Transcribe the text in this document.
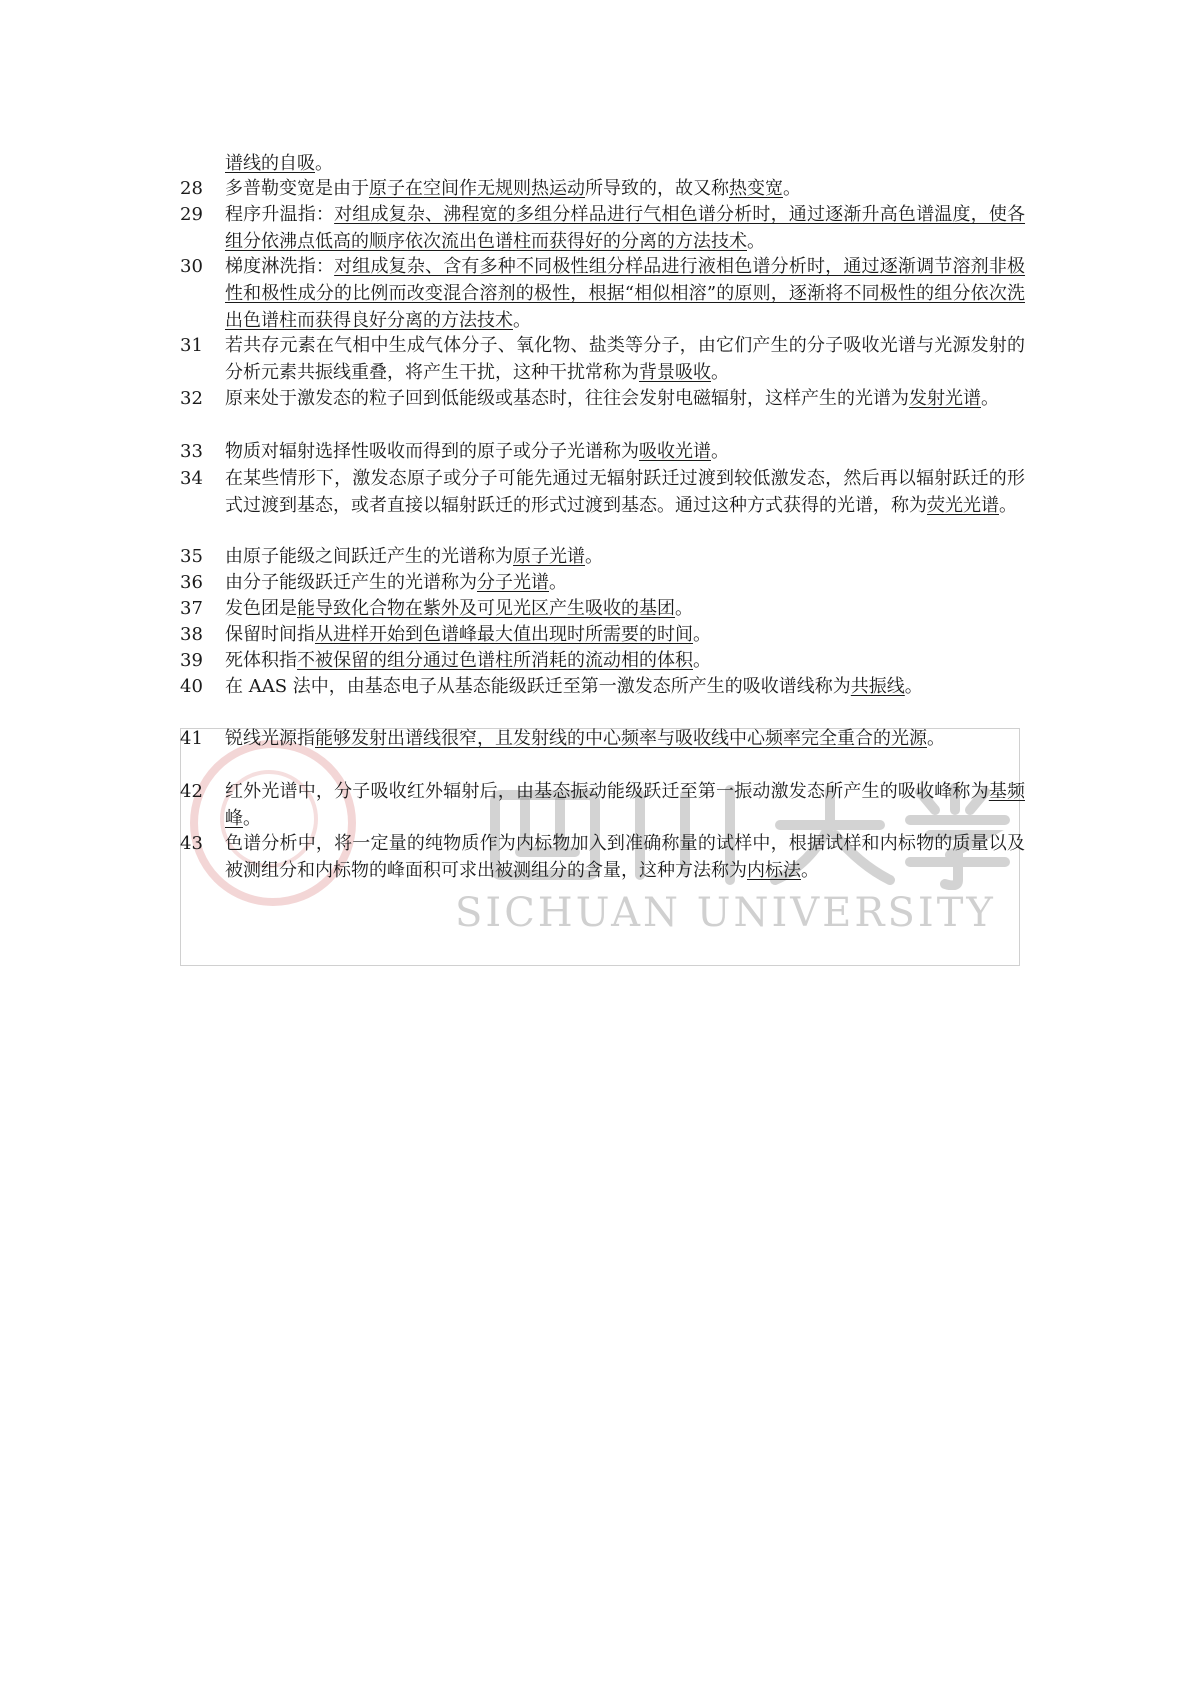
SICHUAN UNIVERSITY
谱线的自吸。
28	多普勒变宽是由于原子在空间作无规则热运动所导致的，故又称热变宽。
29	程序升温指：对组成复杂、沸程宽的多组分样品进行气相色谱分析时，通过逐渐升高色谱温度，使各组分依沸点低高的顺序依次流出色谱柱而获得好的分离的方法技术。
30	梯度淋洗指：对组成复杂、含有多种不同极性组分样品进行液相色谱分析时，通过逐渐调节溶剂非极性和极性成分的比例而改变混合溶剂的极性，根据“相似相溶”的原则，逐渐将不同极性的组分依次洗出色谱柱而获得良好分离的方法技术。
31	若共存元素在气相中生成气体分子、氧化物、盐类等分子，由它们产生的分子吸收光谱与光源发射的分析元素共振线重叠，将产生干扰，这种干扰常称为背景吸收。
32	原来处于激发态的粒子回到低能级或基态时，往往会发射电磁辐射，这样产生的光谱为发射光谱。
33	物质对辐射选择性吸收而得到的原子或分子光谱称为吸收光谱。
34	在某些情形下，激发态原子或分子可能先通过无辐射跃迁过渡到较低激发态，然后再以辐射跃迁的形式过渡到基态，或者直接以辐射跃迁的形式过渡到基态。通过这种方式获得的光谱，称为荧光光谱。
35	由原子能级之间跃迁产生的光谱称为原子光谱。
36	由分子能级跃迁产生的光谱称为分子光谱。
37	发色团是能导致化合物在紫外及可见光区产生吸收的基团。
38	保留时间指从进样开始到色谱峰最大值出现时所需要的时间。
39	死体积指不被保留的组分通过色谱柱所消耗的流动相的体积。
40	在 AAS 法中，由基态电子从基态能级跃迁至第一激发态所产生的吸收谱线称为共振线。
41	锐线光源指能够发射出谱线很窄，且发射线的中心频率与吸收线中心频率完全重合的光源。
42	红外光谱中，分子吸收红外辐射后，由基态振动能级跃迁至第一振动激发态所产生的吸收峰称为基频峰。
43	色谱分析中，将一定量的纯物质作为内标物加入到准确称量的试样中，根据试样和内标物的质量以及被测组分和内标物的峰面积可求出被测组分的含量，这种方法称为内标法。
